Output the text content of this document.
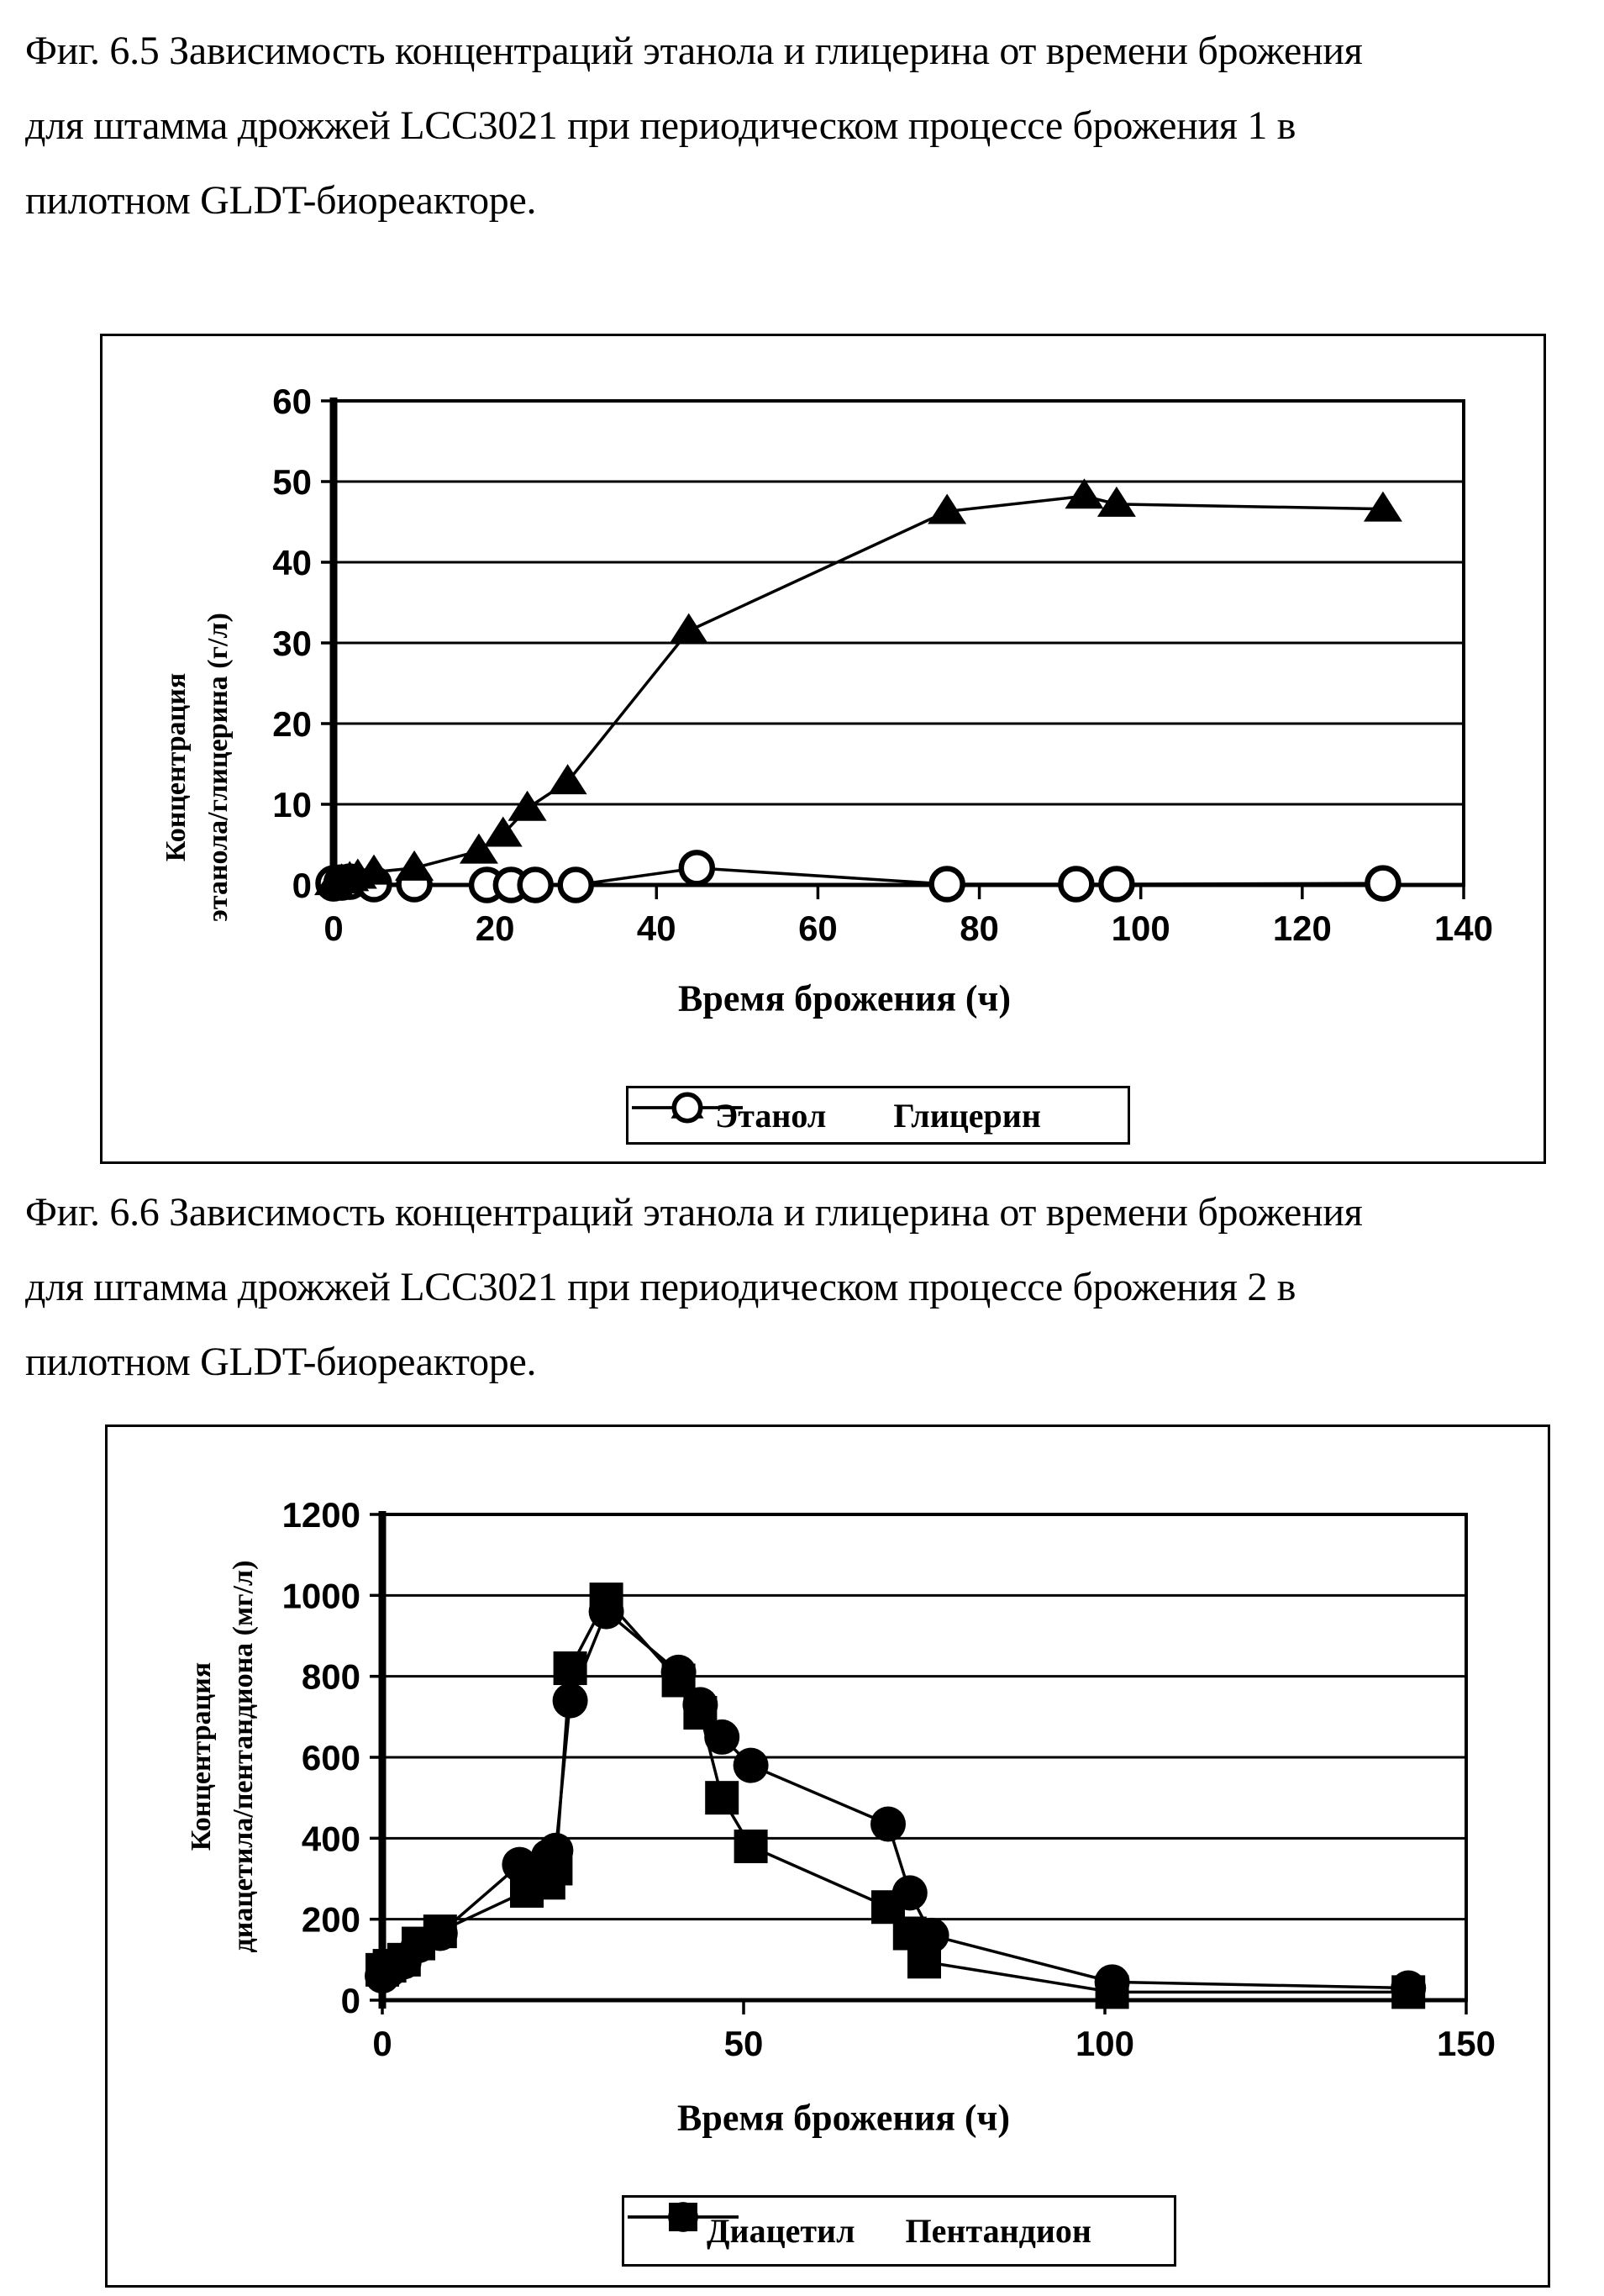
Фиг. 6.5 Зависимость концентраций этанола и глицерина от времени брожения
для штамма дрожжей LCC3021 при периодическом процессе брожения 1 в
пилотном GLDT-биореакторе.
0
10
20
30
40
50
60
0	20	40	60	80	100	120	140
Концентрация этанола/глицерина (г/л)
Время брожения (ч)
Этанол Глицерин
Фиг. 6.6 Зависимость концентраций этанола и глицерина от времени брожения
для штамма дрожжей LCC3021 при периодическом процессе брожения 2 в
пилотном GLDT-биореакторе.
0
200
400
600
800
1000
1200
0	50	100	150
Концентрация диацетила/пентандиона (мг/л)
Время брожения (ч)
Диацетил Пентандион
